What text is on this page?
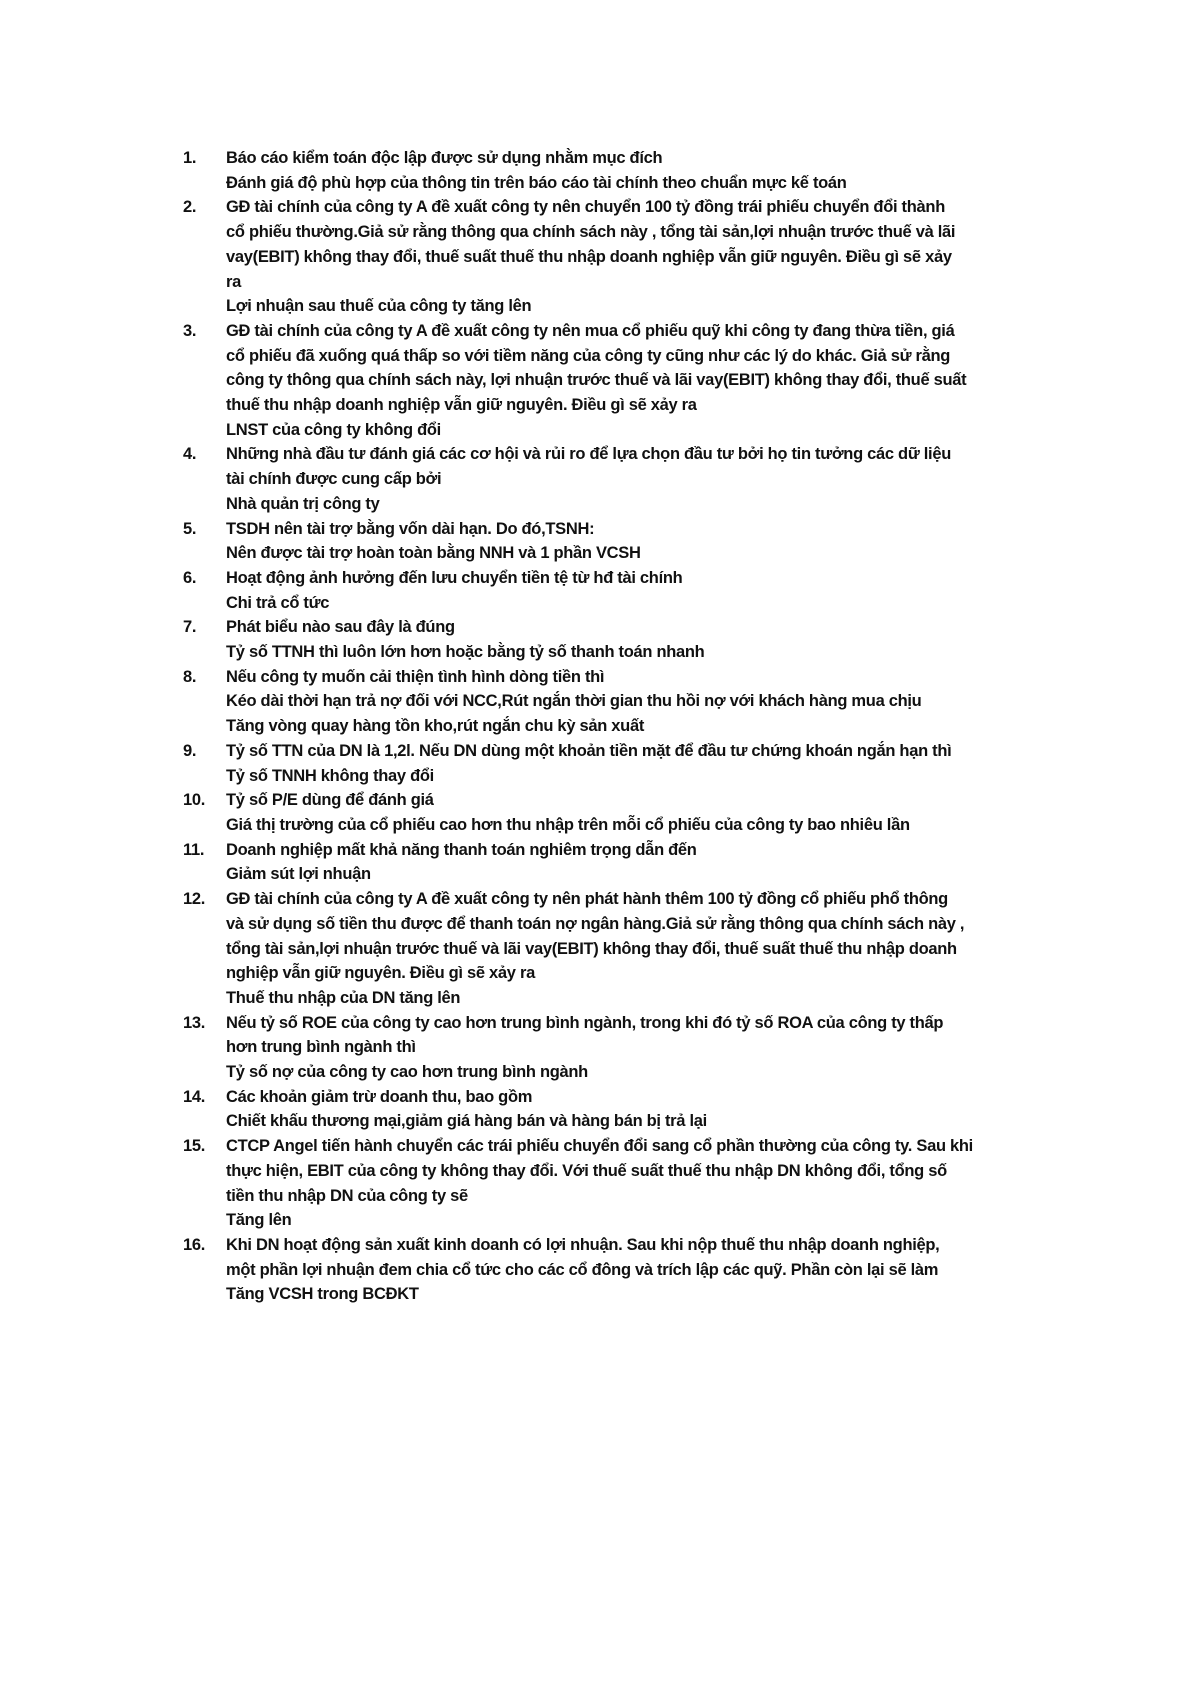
1.	Báo cáo kiểm toán độc lập được sử dụng nhằm mục đích
Đánh giá độ phù hợp của thông tin trên báo cáo tài chính theo chuẩn mực kế toán
2.	GĐ tài chính của công ty A đề xuất công ty nên chuyển 100 tỷ đồng trái phiếu chuyển đổi thành
cổ phiếu thường.Giả sử rằng thông qua chính sách này , tổng tài sản,lợi nhuận trước thuế và lãi
vay(EBIT) không thay đổi, thuế suất thuế thu nhập doanh nghiệp vẫn giữ nguyên. Điều gì sẽ xảy
ra
Lợi nhuận sau thuế của công ty tăng lên
3.	GĐ tài chính của công ty A đề xuất công ty nên mua cổ phiếu quỹ khi công ty đang thừa tiền, giá
cổ phiếu đã xuống quá thấp so với tiềm năng của công ty cũng như các lý do khác. Giả sử rằng
công ty thông qua chính sách này, lợi nhuận trước thuế và lãi vay(EBIT) không thay đổi, thuế suất
thuế thu nhập doanh nghiệp vẫn giữ nguyên. Điều gì sẽ xảy ra
LNST của công ty không đổi
4.	Những nhà đầu tư đánh giá các cơ hội và rủi ro để lựa chọn đầu tư bởi họ tin tưởng các dữ liệu
tài chính được cung cấp bởi
Nhà quản trị công ty
5.	TSDH nên tài trợ bằng vốn dài hạn. Do đó,TSNH:
Nên được tài trợ hoàn toàn bằng NNH và 1 phần VCSH
6.	Hoạt động ảnh hưởng đến lưu chuyển tiền tệ từ hđ tài chính
Chi trả cổ tức
7.	Phát biểu nào sau đây là đúng
Tỷ số TTNH thì luôn lớn hơn hoặc bằng tỷ số thanh toán nhanh
8.	Nếu công ty muốn cải thiện tình hình dòng tiền thì
Kéo dài thời hạn trả nợ đối với NCC,Rút ngắn thời gian thu hồi nợ với khách hàng mua chịu
Tăng vòng quay hàng tồn kho,rút ngắn chu kỳ sản xuất
9.	Tỷ số TTN của DN là 1,2l. Nếu DN dùng một khoản tiền mặt để đầu tư chứng khoán ngắn hạn thì
Tỷ số TNNH không thay đổi
10.	Tỷ số P/E dùng để đánh giá
Giá thị trường của cổ phiếu cao hơn thu nhập trên mỗi cổ phiếu của công ty bao nhiêu lần
11.	Doanh nghiệp mất khả năng thanh toán nghiêm trọng dẫn đến
Giảm sút lợi nhuận
12.	GĐ tài chính của công ty A đề xuất công ty nên phát hành thêm 100 tỷ đồng cổ phiếu phổ thông
và sử dụng số tiền thu được để thanh toán nợ ngân hàng.Giả sử rằng thông qua chính sách này ,
tổng tài sản,lợi nhuận trước thuế và lãi vay(EBIT) không thay đổi, thuế suất thuế thu nhập doanh
nghiệp vẫn giữ nguyên. Điều gì sẽ xảy ra
Thuế thu nhập của DN tăng lên
13.	Nếu tỷ số ROE của công ty cao hơn trung bình ngành, trong khi đó tỷ số ROA của công ty thấp
hơn trung bình ngành thì
Tỷ số nợ của công ty cao hơn trung bình ngành
14.	Các khoản giảm trừ doanh thu, bao gồm
Chiết khấu thương mại,giảm giá hàng bán và hàng bán bị trả lại
15.	CTCP Angel tiến hành chuyển các trái phiếu chuyển đổi sang cổ phần thường của công ty. Sau khi
thực hiện, EBIT của công ty không thay đổi. Với thuế suất thuế thu nhập DN không đổi, tổng số
tiền thu nhập DN của công ty sẽ
Tăng lên
16.	Khi DN hoạt động sản xuất kinh doanh có lợi nhuận. Sau khi nộp thuế thu nhập doanh nghiệp,
một phần lợi nhuận đem chia cổ tức cho các cổ đông và trích lập các quỹ. Phần còn lại sẽ làm
Tăng VCSH trong BCĐKT
